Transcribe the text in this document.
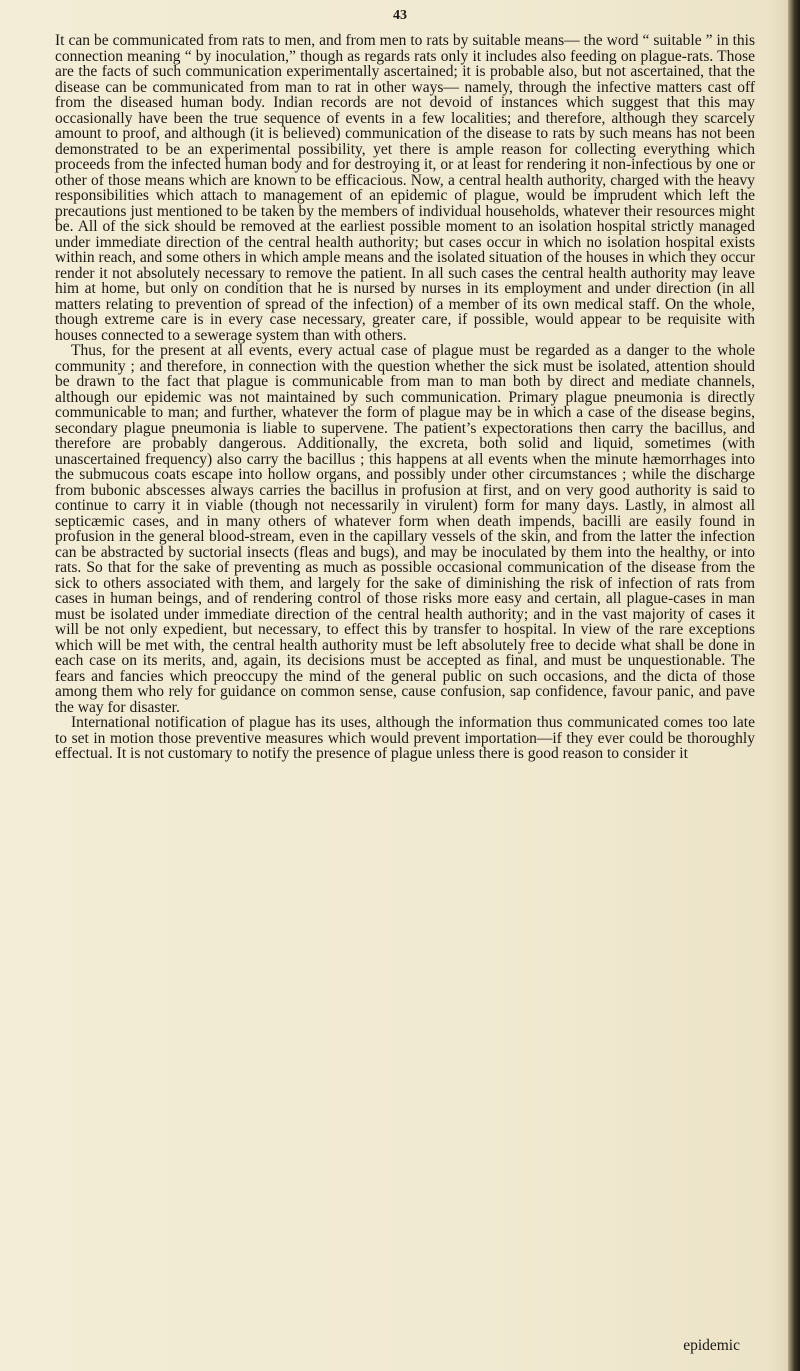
43

It can be communicated from rats to men, and from men to rats by suitable means— the word “ suitable ” in this connection meaning “ by inoculation,” though as regards rats only it includes also feeding on plague-rats. Those are the facts of such communication experimentally ascertained; it is probable also, but not ascertained, that the disease can be communicated from man to rat in other ways— namely, through the infective matters cast off from the diseased human body. Indian records are not devoid of instances which suggest that this may occasionally have been the true sequence of events in a few localities; and therefore, although they scarcely amount to proof, and although (it is believed) communication of the disease to rats by such means has not been demonstrated to be an experimental possibility, yet there is ample reason for collecting everything which proceeds from the infected human body and for destroying it, or at least for rendering it non-infectious by one or other of those means which are known to be efficacious. Now, a central health authority, charged with the heavy responsibilities which attach to management of an epidemic of plague, would be imprudent which left the precautions just mentioned to be taken by the members of individual households, whatever their resources might be. All of the sick should be removed at the earliest possible moment to an isolation hospital strictly managed under immediate direction of the central health authority; but cases occur in which no isolation hospital exists within reach, and some others in which ample means and the isolated situation of the houses in which they occur render it not absolutely necessary to remove the patient. In all such cases the central health authority may leave him at home, but only on condition that he is nursed by nurses in its employment and under direction (in all matters relating to prevention of spread of the infection) of a member of its own medical staff. On the whole, though extreme care is in every case necessary, greater care, if possible, would appear to be requisite with houses connected to a sewerage system than with others.

Thus, for the present at all events, every actual case of plague must be regarded as a danger to the whole community ; and therefore, in connection with the question whether the sick must be isolated, attention should be drawn to the fact that plague is communicable from man to man both by direct and mediate channels, although our epidemic was not maintained by such communication. Primary plague pneumonia is directly communicable to man; and further, whatever the form of plague may be in which a case of the disease begins, secondary plague pneumonia is liable to supervene. The patient’s expectorations then carry the bacillus, and therefore are probably dangerous. Additionally, the excreta, both solid and liquid, sometimes (with unascertained frequency) also carry the bacillus ; this happens at all events when the minute hæmorrhages into the submucous coats escape into hollow organs, and possibly under other circumstances ; while the discharge from bubonic abscesses always carries the bacillus in profusion at first, and on very good authority is said to continue to carry it in viable (though not necessarily in virulent) form for many days. Lastly, in almost all septicæmic cases, and in many others of whatever form when death impends, bacilli are easily found in profusion in the general blood-stream, even in the capillary vessels of the skin, and from the latter the infection can be abstracted by suctorial insects (fleas and bugs), and may be inoculated by them into the healthy, or into rats. So that for the sake of preventing as much as possible occasional communication of the disease from the sick to others associated with them, and largely for the sake of diminishing the risk of infection of rats from cases in human beings, and of rendering control of those risks more easy and certain, all plague-cases in man must be isolated under immediate direction of the central health authority; and in the vast majority of cases it will be not only expedient, but necessary, to effect this by transfer to hospital. In view of the rare exceptions which will be met with, the central health authority must be left absolutely free to decide what shall be done in each case on its merits, and, again, its decisions must be accepted as final, and must be unquestionable. The fears and fancies which preoccupy the mind of the general public on such occasions, and the dicta of those among them who rely for guidance on common sense, cause confusion, sap confidence, favour panic, and pave the way for disaster.

International notification of plague has its uses, although the information thus communicated comes too late to set in motion those preventive measures which would prevent importation—if they ever could be thoroughly effectual. It is not customary to notify the presence of plague unless there is good reason to consider it

epidemic
